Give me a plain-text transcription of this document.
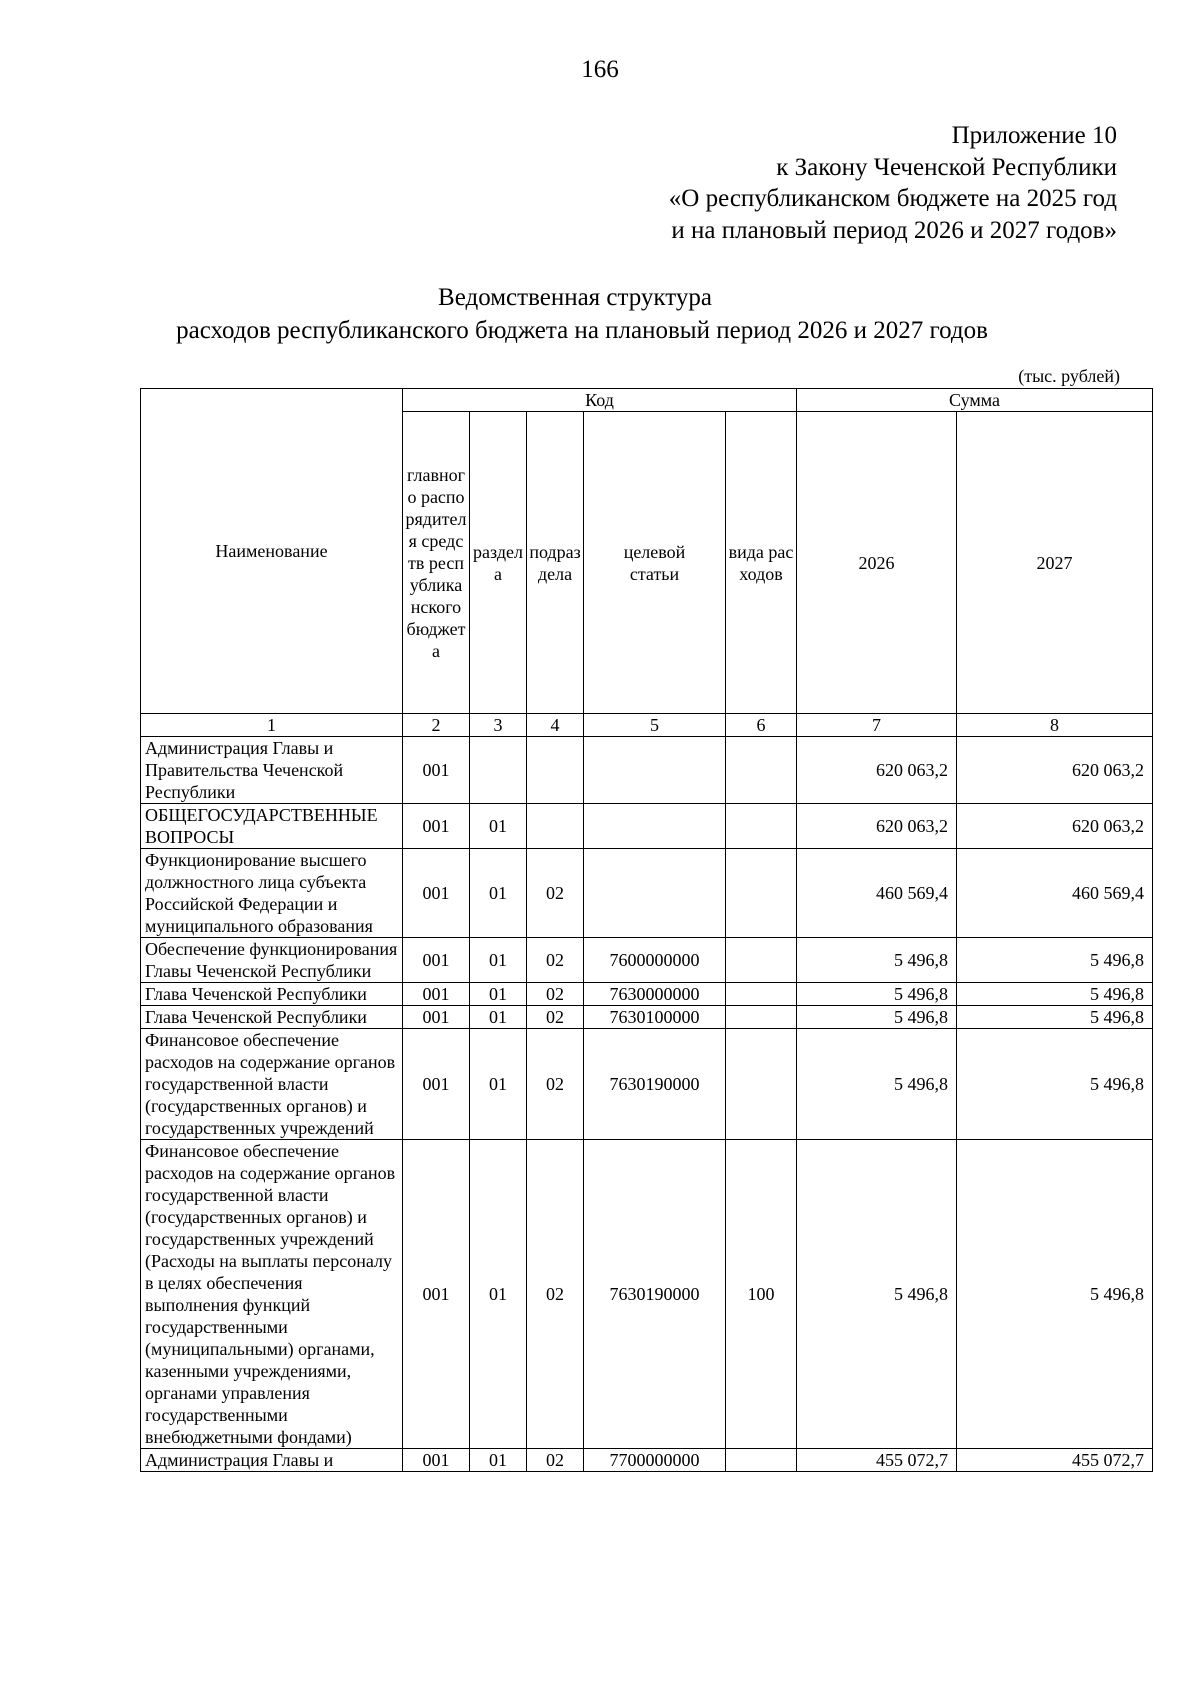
166
Приложение 10
к Закону Чеченской Республики
«О республиканском бюджете на 2025 год
и на плановый период 2026 и 2027 годов»
Ведомственная структура
расходов республиканского бюджета на плановый период 2026 и 2027 годов
(тыс. рублей)
Наименование	Код					Сумма	
	главного распорядителя средств республиканского бюджета	раздела	подраздела	целевой статьи	вида расходов	2026	2027
1	2	3	4	5	6	7	8
Администрация Главы и Правительства Чеченской Республики	001					620 063,2	620 063,2
ОБЩЕГОСУДАРСТВЕННЫЕ ВОПРОСЫ	001	01				620 063,2	620 063,2
Функционирование высшего должностного лица субъекта Российской Федерации и муниципального образования	001	01	02			460 569,4	460 569,4
Обеспечение функционирования Главы Чеченской Республики	001	01	02	7600000000		5 496,8	5 496,8
Глава Чеченской Республики	001	01	02	7630000000		5 496,8	5 496,8
Глава Чеченской Республики	001	01	02	7630100000		5 496,8	5 496,8
Финансовое обеспечение расходов на содержание органов государственной власти (государственных органов) и государственных учреждений	001	01	02	7630190000		5 496,8	5 496,8
Финансовое обеспечение расходов на содержание органов государственной власти (государственных органов) и государственных учреждений (Расходы на выплаты персоналу в целях обеспечения выполнения функций государственными (муниципальными) органами, казенными учреждениями, органами управления государственными внебюджетными фондами)	001	01	02	7630190000	100	5 496,8	5 496,8
Администрация Главы и	001	01	02	7700000000		455 072,7	455 072,7
